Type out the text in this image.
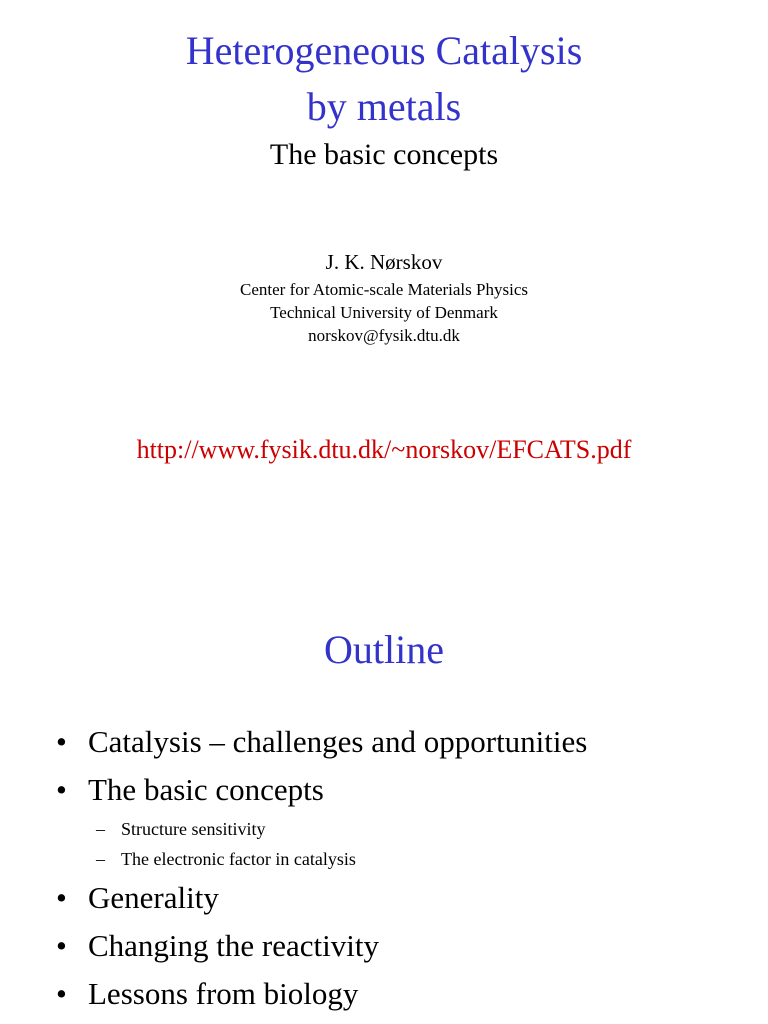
Heterogeneous Catalysis
by metals
The basic concepts
J. K. Nørskov
Center for Atomic-scale Materials Physics
Technical University of Denmark
norskov@fysik.dtu.dk
http://www.fysik.dtu.dk/~norskov/EFCATS.pdf
Outline
• Catalysis – challenges and opportunities
• The basic concepts
– Structure sensitivity
– The electronic factor in catalysis
• Generality
• Changing the reactivity
• Lessons from biology
